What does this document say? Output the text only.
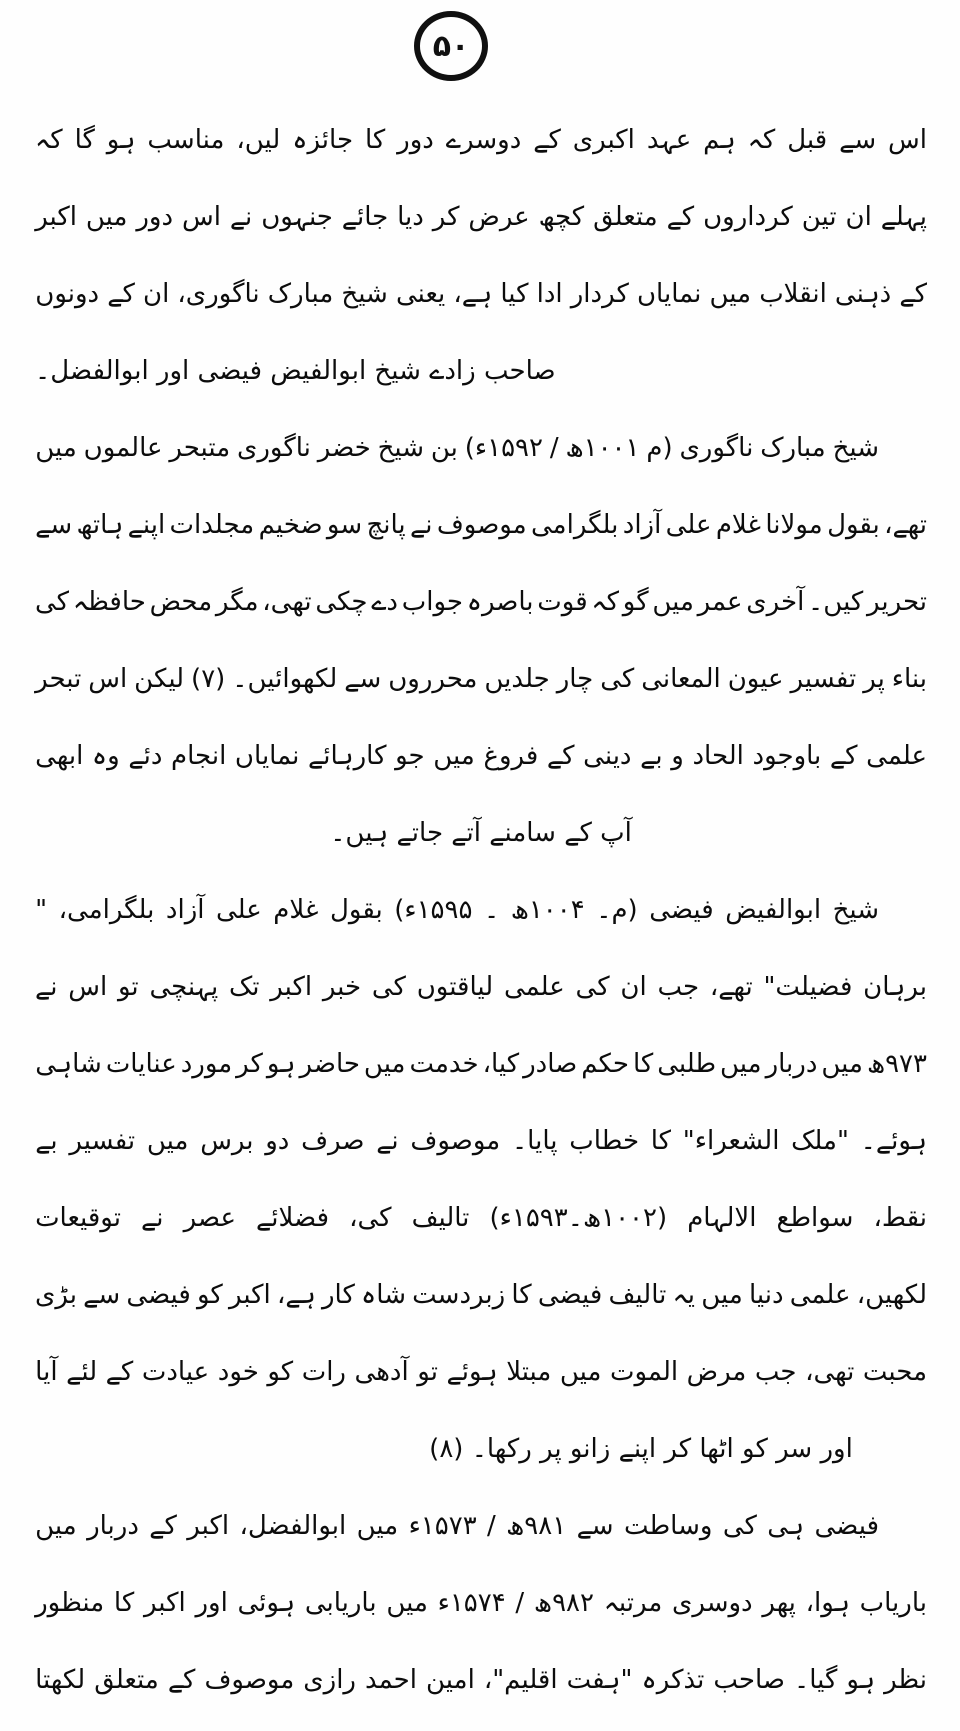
۵۰
اس
سے
قبل
کہ
ہم
عہد
اکبری
کے
دوسرے
دور
کا
جائزہ
لیں،
مناسب
ہو
گا
کہ
پہلے
ان
تین
کرداروں
کے
متعلق
کچھ
عرض
کر
دیا
جائے
جنہوں
نے
اس
دور
میں
اکبر
کے
ذہنی
انقلاب
میں
نمایاں
کردار
ادا
کیا
ہے،
یعنی
شیخ
مبارک
ناگوری،
ان
کے
دونوں
صاحب زادے شیخ ابوالفیض فیضی اور ابوالفضل۔
شیخ
مبارک
ناگوری
(م
۱۰۰۱ھ
/
۱۵۹۲ء)
بن
شیخ
خضر
ناگوری
متبحر
عالموں
میں
تھے،
بقول
مولانا
غلام
علی
آزاد
بلگرامی
موصوف
نے
پانچ
سو
ضخیم
مجلدات
اپنے
ہاتھ
سے
تحریر
کیں۔
آخری
عمر
میں
گو
کہ
قوت
باصرہ
جواب
دے
چکی
تھی،
مگر
محض
حافظہ
کی
بناء
پر
تفسیر
عیون
المعانی
کی
چار
جلدیں
محرروں
سے
لکھوائیں۔
(۷)
لیکن
اس
تبحر
علمی
کے
باوجود
الحاد
و
بے
دینی
کے
فروغ
میں
جو
کارہائے
نمایاں
انجام
دئے
وہ
ابھی
آپ کے سامنے آتے جاتے ہیں۔
شیخ
ابوالفیض
فیضی
(م۔
۱۰۰۴ھ
۔
۱۵۹۵ء)
بقول
غلام
علی
آزاد
بلگرامی،
"
برہان
فضیلت"
تھے،
جب
ان
کی
علمی
لیاقتوں
کی
خبر
اکبر
تک
پہنچی
تو
اس
نے
۹۷۳ھ
میں
دربار
میں
طلبی
کا
حکم
صادر
کیا،
خدمت
میں
حاضر
ہو
کر
مورد
عنایات
شاہی
ہوئے۔
"ملک
الشعراء"
کا
خطاب
پایا۔
موصوف
نے
صرف
دو
برس
میں
تفسیر
بے
نقط،
سواطع
الالہام
(۱۰۰۲ھ۔۱۵۹۳ء)
تالیف
کی،
فضلائے
عصر
نے
توقیعات
لکھیں،
علمی
دنیا
میں
یہ
تالیف
فیضی
کا
زبردست
شاہ
کار
ہے،
اکبر
کو
فیضی
سے
بڑی
محبت
تھی،
جب
مرض
الموت
میں
مبتلا
ہوئے
تو
آدھی
رات
کو
خود
عیادت
کے
لئے
آیا
اور سر کو اٹھا کر اپنے زانو پر رکھا۔ (۸)
فیضی
ہی
کی
وساطت
سے
۹۸۱ھ
/
۱۵۷۳ء
میں
ابوالفضل،
اکبر
کے
دربار
میں
باریاب
ہوا،
پھر
دوسری
مرتبہ
۹۸۲ھ
/
۱۵۷۴ء
میں
باریابی
ہوئی
اور
اکبر
کا
منظور
نظر
ہو
گیا۔
صاحب
تذکرہ
"ہفت
اقلیم"،
امین
احمد
رازی
موصوف
کے
متعلق
لکھتا
